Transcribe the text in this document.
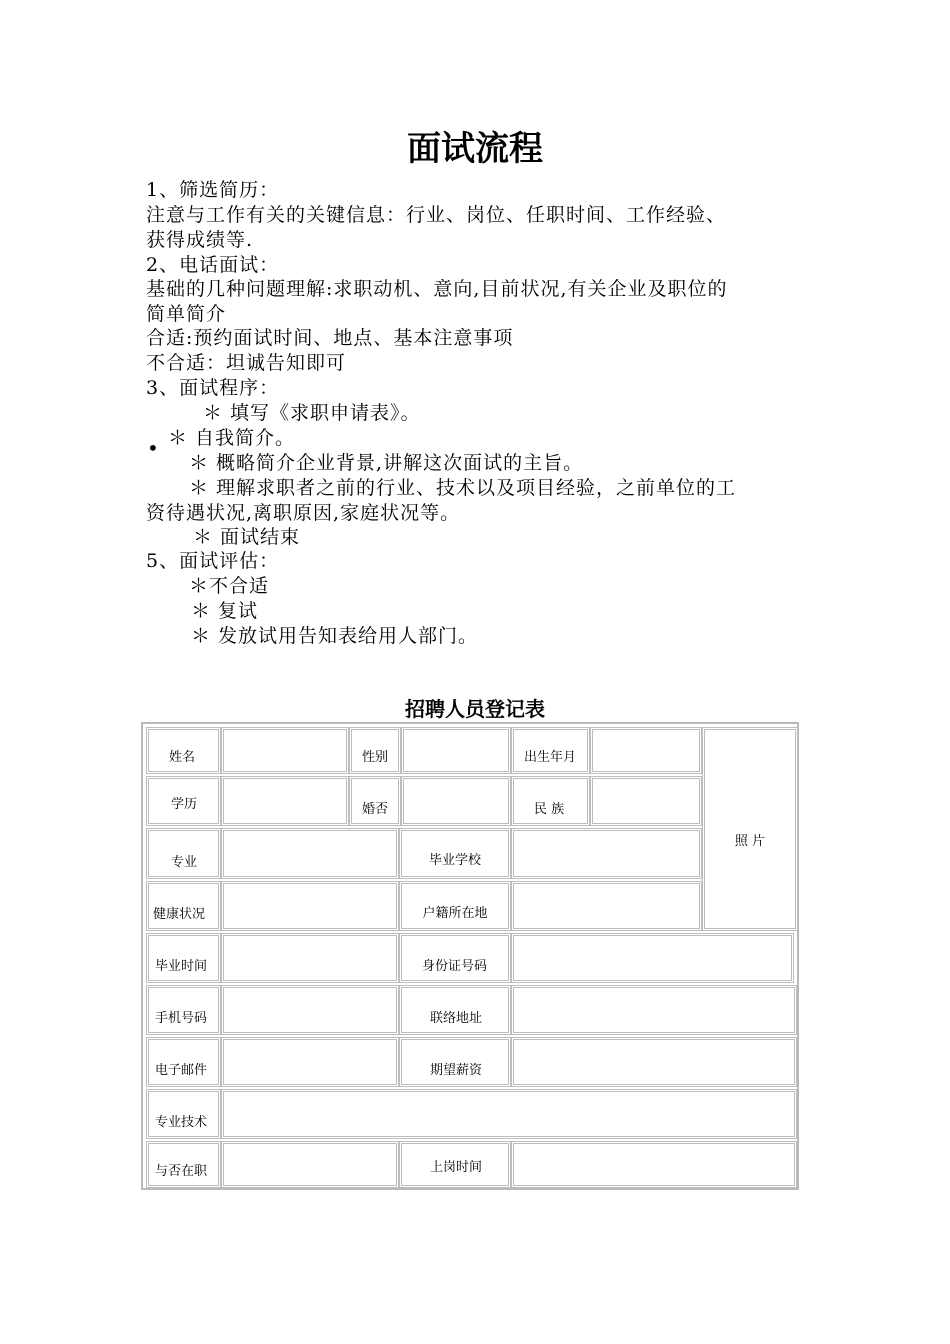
面试流程
1、筛选简历：
注意与工作有关的关键信息：行业、岗位、任职时间、工作经验、
获得成绩等.
2、电话面试：
基础的几种问题理解:求职动机、意向,目前状况,有关企业及职位的
简单简介
合适:预约面试时间、地点、基本注意事项
不合适：坦诚告知即可
3、面试程序：
＊ 填写《求职申请表》。
• ＊ 自我简介。
＊ 概略简介企业背景,讲解这次面试的主旨。
＊ 理解求职者之前的行业、技术以及项目经验，之前单位的工
资待遇状况,离职原因,家庭状况等。
＊ 面试结束
5、面试评估：
＊不合适
＊ 复试
＊ 发放试用告知表给用人部门。
招聘人员登记表
姓名	性别	出生年月
照 片
学历	婚否	民 族
专业	毕业学校
健康状况	户籍所在地
毕业时间	身份证号码
手机号码	联络地址
电子邮件	期望薪资
专业技术
与否在职	上岗时间
